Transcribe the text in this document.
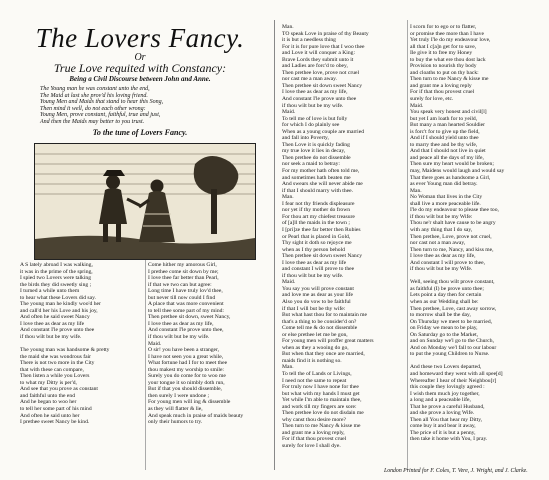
The Lovers Fancy.
Or
True Love requited with Constancy:
Being a Civil Discourse between John and Anne.
The Young man he was constant unto the end,
The Maid at last she prov'd his loving friend.
Young Men and Maids that stand to hear this Song,
Then mind it well, do not each other wrong:
Young Men, prove constant, faithful, true and just,
And then the Maids may better to you trust.
To the tune of Lovers Fancy.
A S lately abroad I was walking,
it was in the prime of the spring,
I spied two Lovers were talking
the birds they did sweetly sing ;
I turned a while unto them
to hear what these Lovers did say.
The young man he kindly woo'd her
and call'd her his Love and his joy,
And often he said sweet Nancy
I love thee as dear as my life
And constant I'le prove unto thee
if thou wilt but be my wife.

The young man was handsome & pretty
the maid she was wondrous fair
There is not two more in the City
that with these can compare,
Then listen a while you Lovers
to what my Ditty is per'd,
And see that you prove as constant
and faithful unto the end
And he began to woo her
to tell her some part of his mind
And often he said unto her
I prethee sweet Nancy be kind.
Come hither my amorous Girl,
I prethee come sit down by me;
I love thee far better than Pearl,
if that we two can but agree:
Long time I have truly lov'd thee,
but never till now could I find
A place that was more convenient
to tell thee some part of my mind:
Then prethee sit down, sweet Nancy,
I love thee as dear as my life,
And constant I'le prove unto thee,
if thou wilt but be my wife.
Maid.
O sir! you have been a stranger,
I have not seen you a great while,
What fortune had I for to meet thee
thou makest my worship to smile:
Surely you do come for to woo me
your tongue it so nimbly doth run,
But if that you should dissemble,
then surely I were undone ;
For young men will ing & dissemble
as they will flatter & lie,
And speak much in praise of maids beauty
only their humors to try.
Man.
TO speak Love in praise of thy Beauty
it is but a needless thing
For it is for pure love that I woo thee
and Love it will conquer a King:
Brave Lords they submit unto it
and Ladies are forc'd to obey,
Then prethee love, prove not cruel
nor cast me a man away.
Then prethee sit down sweet Nancy
I love thee as dear as my life,
And constant I'le prove unto thee
if thou wilt but be my wife.
Maid.
To tell me of love is but folly
for which I do plainly see
When as a young couple are married
and fall into Poverty,
Then Love it is quickly fading
my true love it lies in decay,
Then prethee do not dissemble
nor seek a maid to betray:
For my mother hath often told me,
and sometimes hath beaten me
And swears she will never abide me
if that I should marry with thee.
Man.
I fear not thy friends displeasure
nor yet if thy mother do frown
For thou art my chiefest treasure
of [a]ll the maids in the town ;
I [pri]ze thee far better then Rubies
or Pearl that is placed in Gold,
Thy sight it doth so rejoyce me
when as I thy person behold
Then prethee sit down sweet Nancy
I love thee as dear as my life
and constant I will prove to thee
if thou wilt but be my wife.
Maid.
You say you will prove constant
and love me as dear as your life
Also you do vow to be faithful
if that I will but be thy wife:
But what hast thou for to maintain me
that's a thing to be consider'd on?
Come tell me & do not dissemble
or else prethee let me be gon,
For young men will proffer great matters
when as they a wooing do go,
But when that they once are married,
maids find it is nothing so.
Man.
To tell the of Lands or Livings,
I need not the same to repeat
For truly now I have none for thee
but what with my hands I must get
Yet while I'm able to maintain thee,
and work till my fingers are sore:
Then prethee love do not disdain me
why canst thou desire more?
Then turn to me Nancy & kisse me
and grant me a loving reply,
For if that thou provest cruel
surely for love I shall dye.
I scorn for to ego or to flatter,
or promise thee more than I have
Yet truly I'le do my endeavour love,
all that I c[a]n get for to save,
Ile give it to free my Honey
to buy the what ere thou dost lack
Provision to nourish thy body
and cloaths to put on thy back:
Then turn to me Nancy & kisse me
and grant me a loving reply
For if that thou provest cruel
surely for love, etc.
Maid.
You speak very honest and civil[l]
but yet I am loath for to yeild,
But many a man hearted Souldier
is forc't for to give up the field,
And if I should yield unto thee
to marry thee and be thy wife,
And that I should not live in quiet
and peace all the days of my life,
Then sure my heart would be broken;
may, Maidens would laugh and would say
That there goes as handsome a Girl,
as ever Young man did betray.
Man.
No Woman that lives in the City
shall live a more peaceable life.
I'le do my endeavour to please thee too,
if thou wilt but be my Wife:
Thou ne'r shalt have cause to be angry
with any thing that I do say,
Then prethee, Love, prove not cruel,
nor cast not a man away,
Then turn to me, Nancy, and kiss me,
I love thee as dear as my life,
And constant I will prove to thee,
if thou wilt but be my Wife.

Well, seeing thou wilt prove constant,
as faithful (I) be prove unto thee;
Lets point a day then for certain
when as our Wedding shall be:
Then prethee, Love, cast away sorrow,
to morrow shall be the day,
On Thursday we meet to be married,
on Friday we mean to be play,
On Saturday go to the Market,
and on Sunday we'l go to the Church,
And on Monday we'l fall to our labour
to put the young Children to Nurse.

And these two Lovers departed,
and homeward they went with all spee[d]
Whereafter I hear of their Neighbou[r]
this couple they lovingly agreed :
I wish them much joy together,
a long and a peaceable life,
That he prove a careful Husband,
and she prove a loving Wife.
Then all You that hear my Ditty,
come buy it and bear it away,
The price of it is but a penny,
then take it home with You, I pray.
London Printed for F. Coles, T. Vere, J. Wright, and J. Clarke.
